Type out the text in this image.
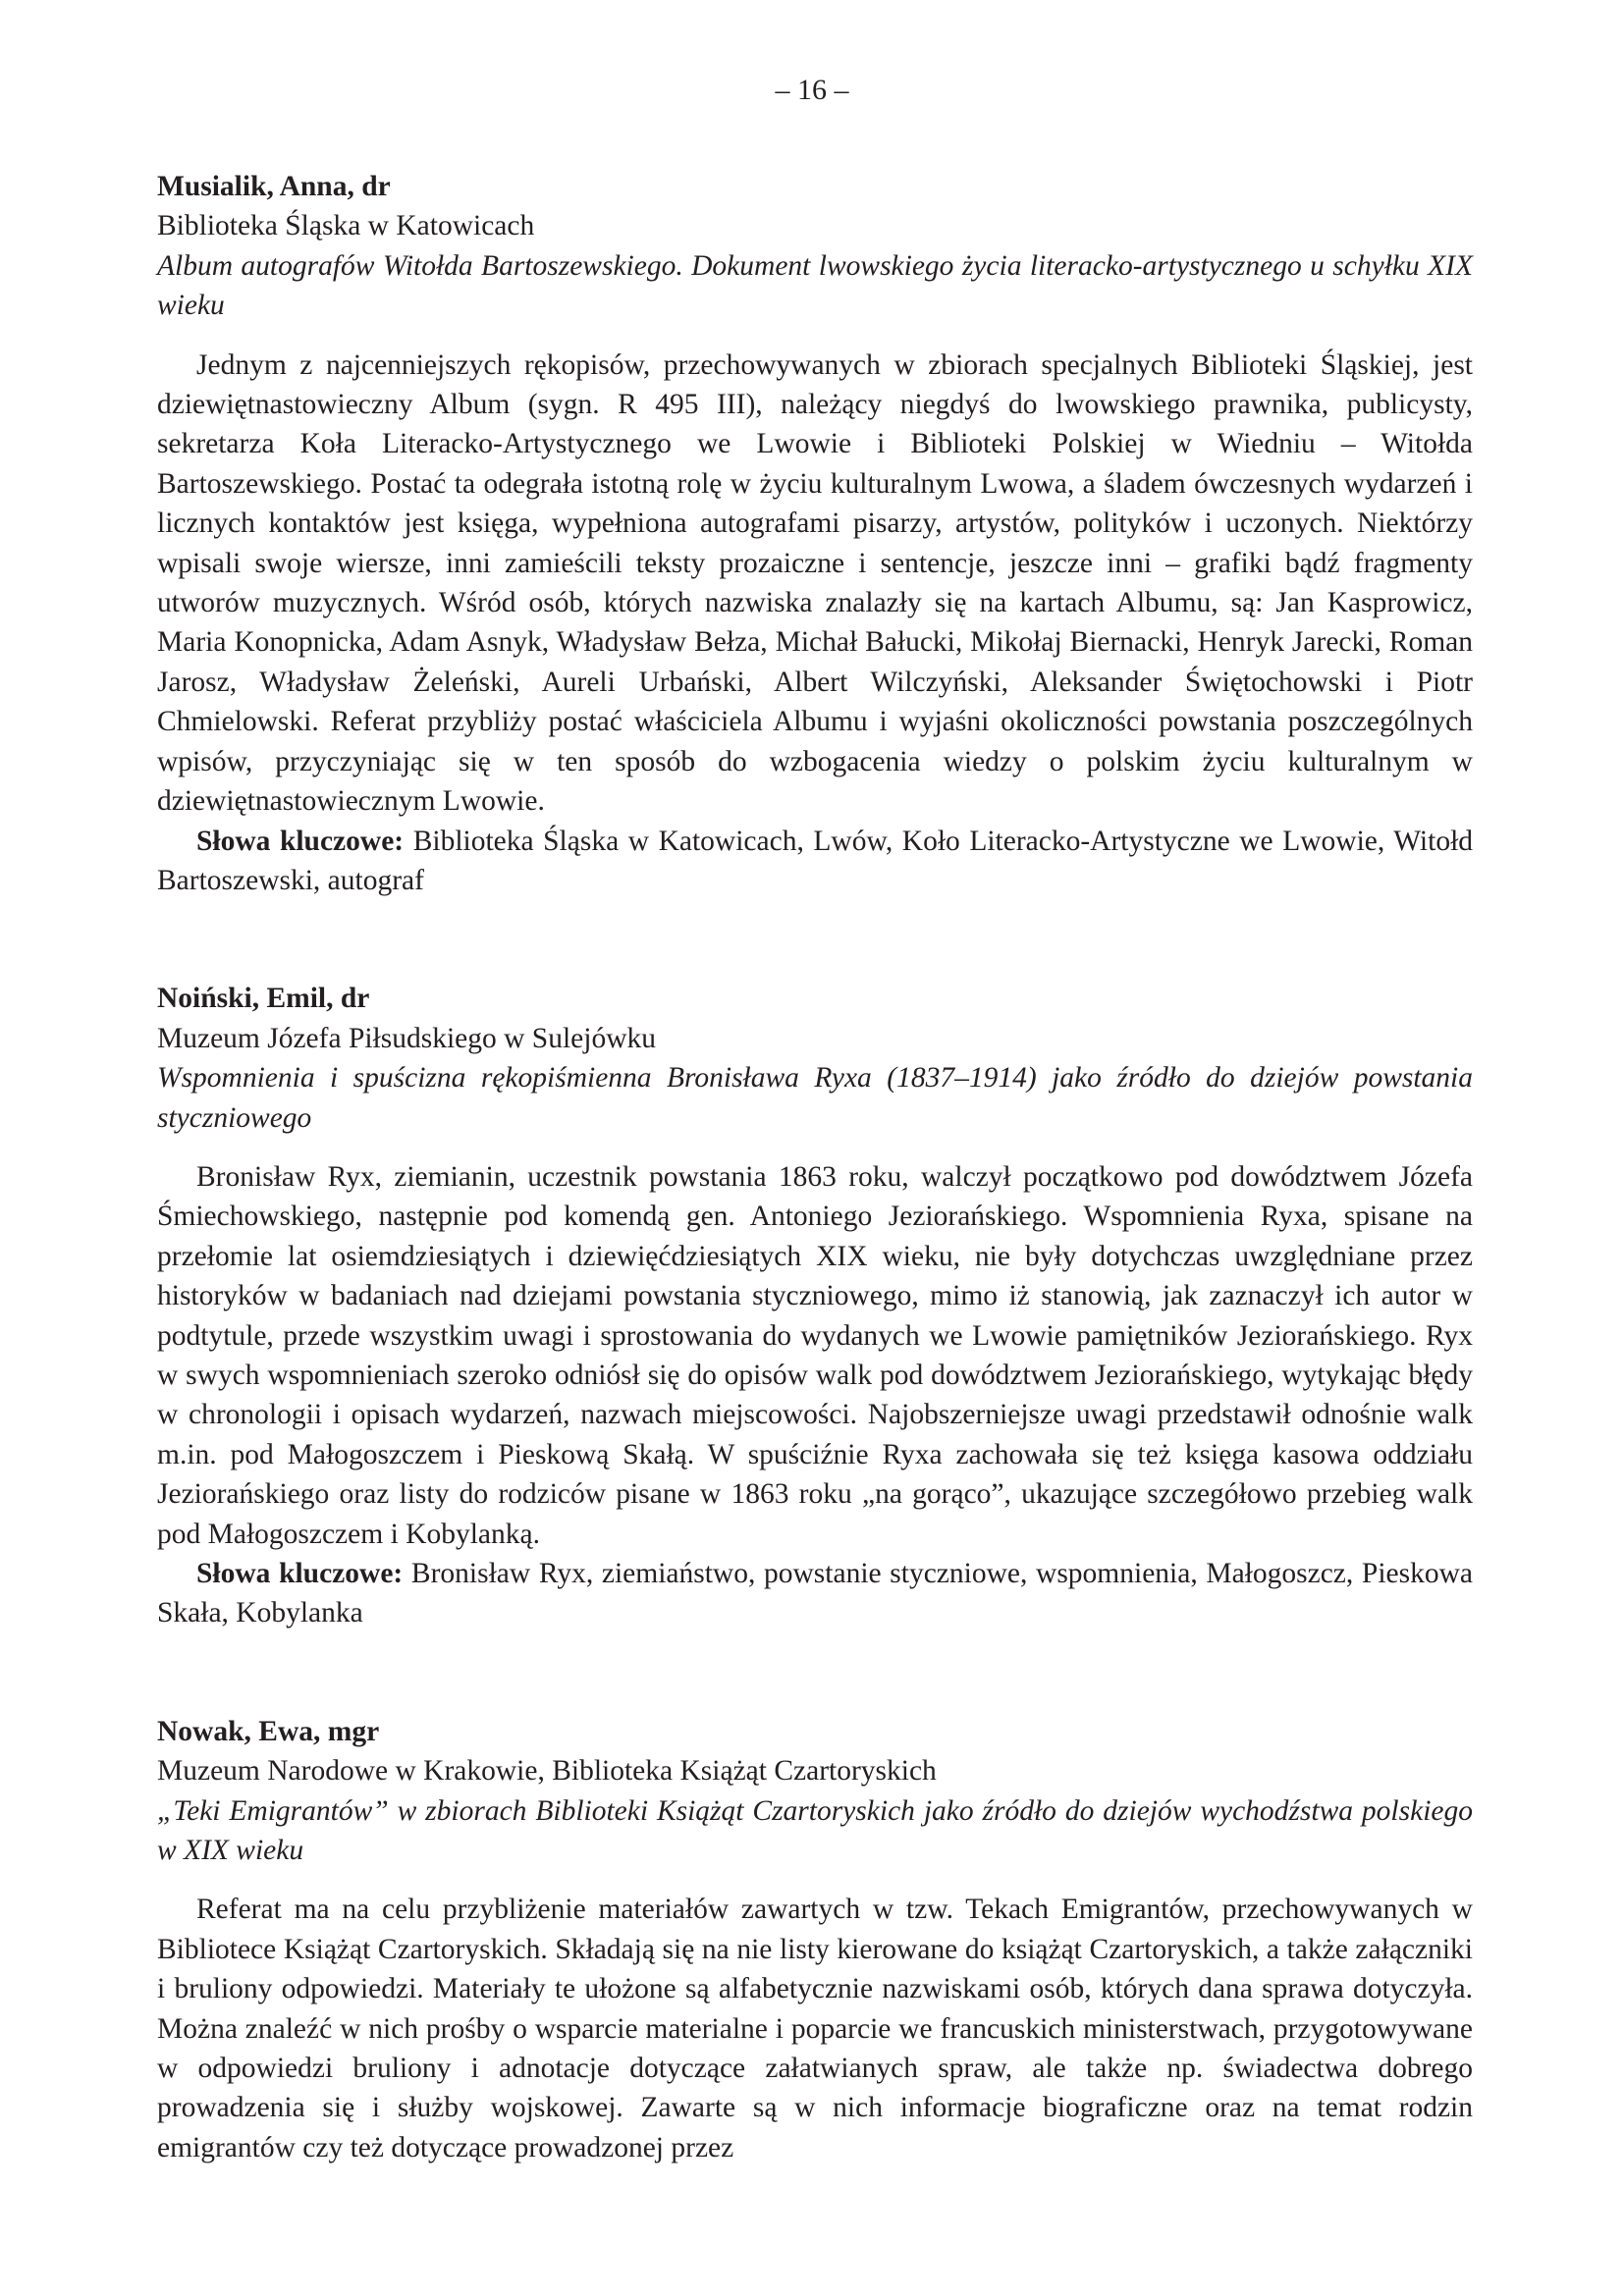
– 16 –

Musialik, Anna, dr

Biblioteka Śląska w Katowicach

Album autografów Witołda Bartoszewskiego. Dokument lwowskiego życia literacko-artystycznego u schyłku XIX wieku

Jednym z najcenniejszych rękopisów, przechowywanych w zbiorach specjalnych Biblioteki Śląskiej, jest dziewiętnastowieczny Album (sygn. R 495 III), należący niegdyś do lwowskiego prawnika, publicysty, sekretarza Koła Literacko-Artystycznego we Lwowie i Biblioteki Polskiej w Wiedniu – Witołda Bartoszewskiego. Postać ta odegrała istotną rolę w życiu kulturalnym Lwowa, a śladem ówczesnych wydarzeń i licznych kontaktów jest księga, wypełniona autografami pisarzy, artystów, polityków i uczonych. Niektórzy wpisali swoje wiersze, inni zamieścili teksty prozaiczne i sentencje, jeszcze inni – grafiki bądź fragmenty utworów muzycznych. Wśród osób, których nazwiska znalazły się na kartach Albumu, są: Jan Kasprowicz, Maria Konopnicka, Adam Asnyk, Władysław Bełza, Michał Bałucki, Mikołaj Biernacki, Henryk Jarecki, Roman Jarosz, Władysław Żeleński, Aureli Urbański, Albert Wilczyński, Aleksander Świętochowski i Piotr Chmielowski. Referat przybliży postać właściciela Albumu i wyjaśni okoliczności powstania poszczególnych wpisów, przyczyniając się w ten sposób do wzbogacenia wiedzy o polskim życiu kulturalnym w dziewiętnastowiecznym Lwowie.

Słowa kluczowe: Biblioteka Śląska w Katowicach, Lwów, Koło Literacko-Artystyczne we Lwowie, Witołd Bartoszewski, autograf

Noiński, Emil, dr

Muzeum Józefa Piłsudskiego w Sulejówku

Wspomnienia i spuścizna rękopiśmienna Bronisława Ryxa (1837–1914) jako źródło do dziejów powstania styczniowego

Bronisław Ryx, ziemianin, uczestnik powstania 1863 roku, walczył początkowo pod dowództwem Józefa Śmiechowskiego, następnie pod komendą gen. Antoniego Jeziorańskiego. Wspomnienia Ryxa, spisane na przełomie lat osiemdziesiątych i dziewięćdziesiątych XIX wieku, nie były dotychczas uwzględniane przez historyków w badaniach nad dziejami powstania styczniowego, mimo iż stanowią, jak zaznaczył ich autor w podtytule, przede wszystkim uwagi i sprostowania do wydanych we Lwowie pamiętników Jeziorańskiego. Ryx w swych wspomnieniach szeroko odniósł się do opisów walk pod dowództwem Jeziorańskiego, wytykając błędy w chronologii i opisach wydarzeń, nazwach miejscowości. Najobszerniejsze uwagi przedstawił odnośnie walk m.in. pod Małogoszczem i Pieskową Skałą. W spuściźnie Ryxa zachowała się też księga kasowa oddziału Jeziorańskiego oraz listy do rodziców pisane w 1863 roku „na gorąco”, ukazujące szczegółowo przebieg walk pod Małogoszczem i Kobylanką.

Słowa kluczowe: Bronisław Ryx, ziemiaństwo, powstanie styczniowe, wspomnienia, Małogoszcz, Pieskowa Skała, Kobylanka

Nowak, Ewa, mgr

Muzeum Narodowe w Krakowie, Biblioteka Książąt Czartoryskich

„Teki Emigrantów” w zbiorach Biblioteki Książąt Czartoryskich jako źródło do dziejów wychodźstwa polskiego w XIX wieku

Referat ma na celu przybliżenie materiałów zawartych w tzw. Tekach Emigrantów, przechowywanych w Bibliotece Książąt Czartoryskich. Składają się na nie listy kierowane do książąt Czartoryskich, a także załączniki i bruliony odpowiedzi. Materiały te ułożone są alfabetycznie nazwiskami osób, których dana sprawa dotyczyła. Można znaleźć w nich prośby o wsparcie materialne i poparcie we francuskich ministerstwach, przygotowywane w odpowiedzi bruliony i adnotacje dotyczące załatwianych spraw, ale także np. świadectwa dobrego prowadzenia się i służby wojskowej. Zawarte są w nich informacje biograficzne oraz na temat rodzin emigrantów czy też dotyczące prowadzonej przez
